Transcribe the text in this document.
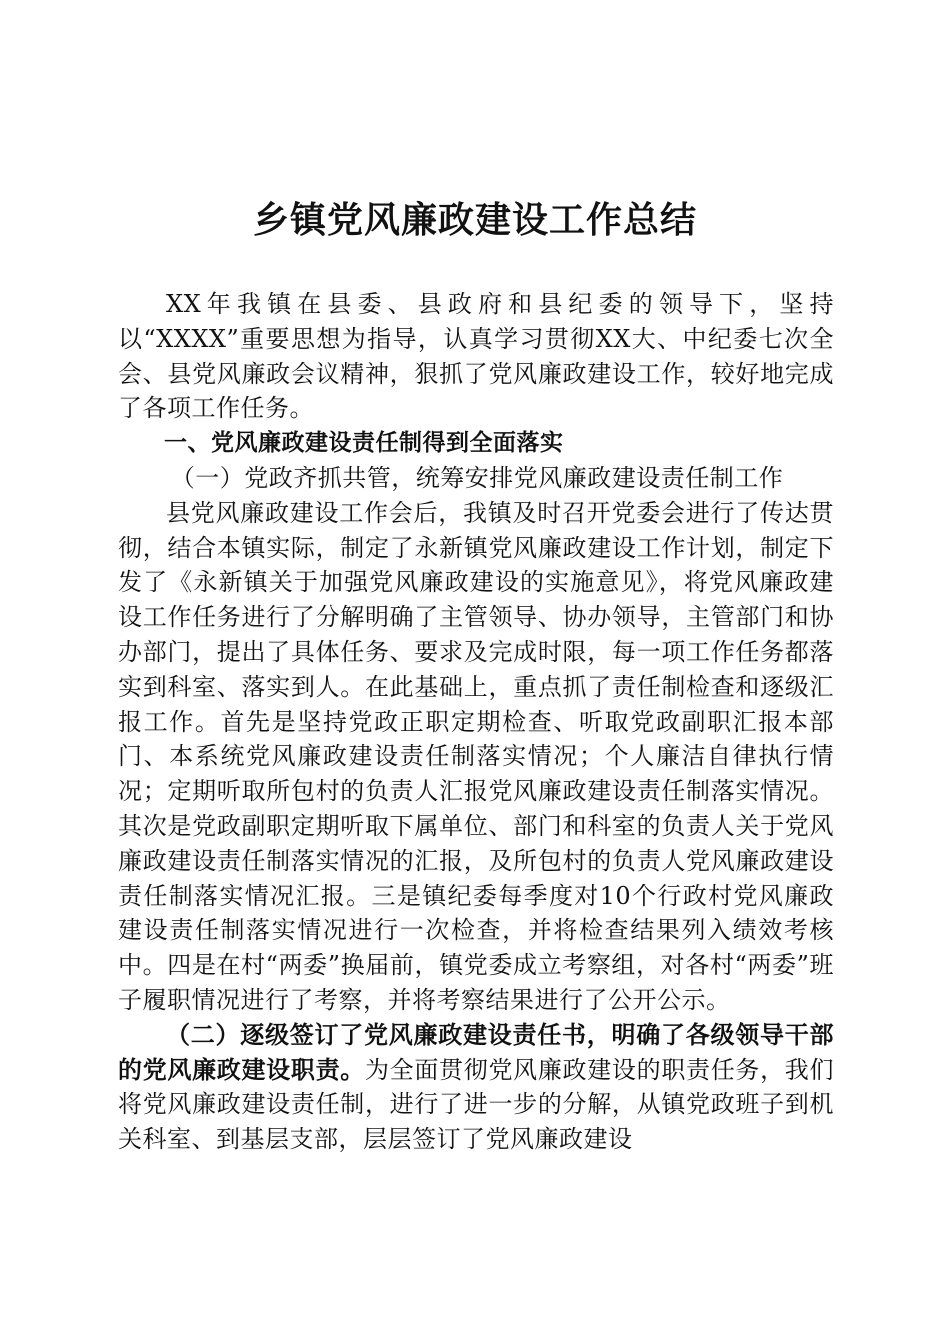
乡镇党风廉政建设工作总结

XX年我镇在县委、县政府和县纪委的领导下，坚持以“XXXX”重要思想为指导，认真学习贯彻XX大、中纪委七次全会、县党风廉政会议精神，狠抓了党风廉政建设工作，较好地完成了各项工作任务。

一、党风廉政建设责任制得到全面落实

（一）党政齐抓共管，统筹安排党风廉政建设责任制工作

县党风廉政建设工作会后，我镇及时召开党委会进行了传达贯彻，结合本镇实际，制定了永新镇党风廉政建设工作计划，制定下发了《永新镇关于加强党风廉政建设的实施意见》，将党风廉政建设工作任务进行了分解明确了主管领导、协办领导，主管部门和协办部门，提出了具体任务、要求及完成时限，每一项工作任务都落实到科室、落实到人。在此基础上，重点抓了责任制检查和逐级汇报工作。首先是坚持党政正职定期检查、听取党政副职汇报本部门、本系统党风廉政建设责任制落实情况；个人廉洁自律执行情况；定期听取所包村的负责人汇报党风廉政建设责任制落实情况。其次是党政副职定期听取下属单位、部门和科室的负责人关于党风廉政建设责任制落实情况的汇报，及所包村的负责人党风廉政建设责任制落实情况汇报。三是镇纪委每季度对10个行政村党风廉政建设责任制落实情况进行一次检查，并将检查结果列入绩效考核中。四是在村“两委”换届前，镇党委成立考察组，对各村“两委”班子履职情况进行了考察，并将考察结果进行了公开公示。

（二）逐级签订了党风廉政建设责任书，明确了各级领导干部的党风廉政建设职责。为全面贯彻党风廉政建设的职责任务，我们将党风廉政建设责任制，进行了进一步的分解，从镇党政班子到机关科室、到基层支部，层层签订了党风廉政建设
